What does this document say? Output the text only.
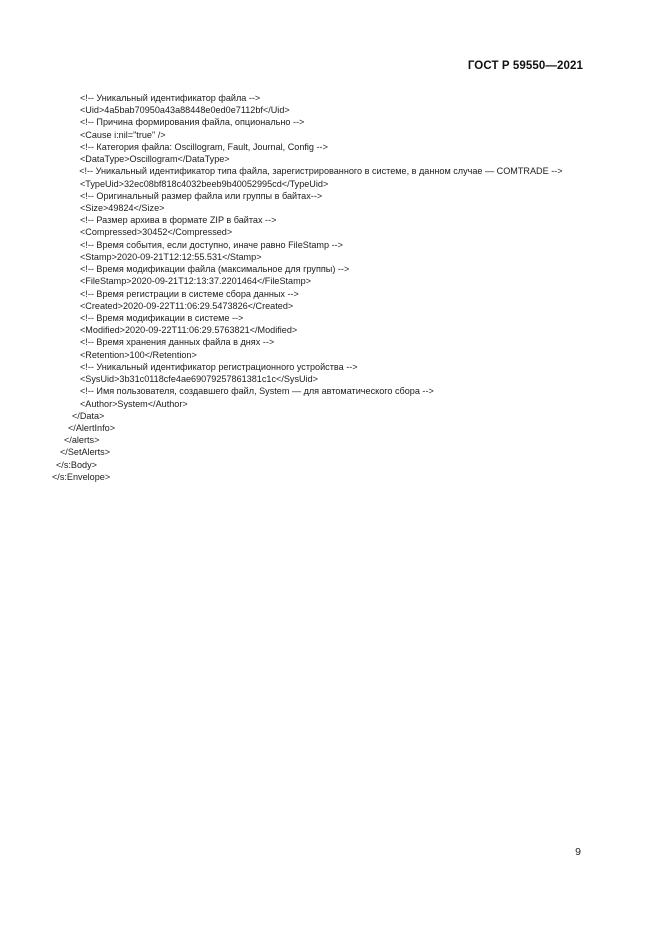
ГОСТ Р 59550—2021
<!-- Уникальный идентификатор файла -->
<Uid>4a5bab70950a43a88448e0ed0e7112bf</Uid>
<!-- Причина формирования файла, опционально -->
<Cause i:nil="true" />
<!-- Категория файла: Oscillogram, Fault, Journal, Config -->
<DataType>Oscillogram</DataType>
<!-- Уникальный идентификатор типа файла, зарегистрированного в системе, в данном случае — COMTRADE -->
<TypeUid>32ec08bf818c4032beeb9b40052995cd</TypeUid>
<!-- Оригинальный размер файла или группы в байтах-->
<Size>49824</Size>
<!-- Размер архива в формате ZIP в байтах -->
<Compressed>30452</Compressed>
<!-- Время события, если доступно, иначе равно FileStamp -->
<Stamp>2020-09-21T12:12:55.531</Stamp>
<!-- Время модификации файла (максимальное для группы) -->
<FileStamp>2020-09-21T12:13:37.2201464</FileStamp>
<!-- Время регистрации в системе сбора данных -->
<Created>2020-09-22T11:06:29.5473826</Created>
<!-- Время модификации в системе -->
<Modified>2020-09-22T11:06:29.5763821</Modified>
<!-- Время хранения данных файла в днях -->
<Retention>100</Retention>
<!-- Уникальный идентификатор регистрационного устройства -->
<SysUid>3b31c0118cfe4ae69079257861381c1c</SysUid>
<!-- Имя пользователя, создавшего файл, System — для автоматического сбора -->
<Author>System</Author>
</Data>
</AlertInfo>
</alerts>
</SetAlerts>
</s:Body>
</s:Envelope>
9
